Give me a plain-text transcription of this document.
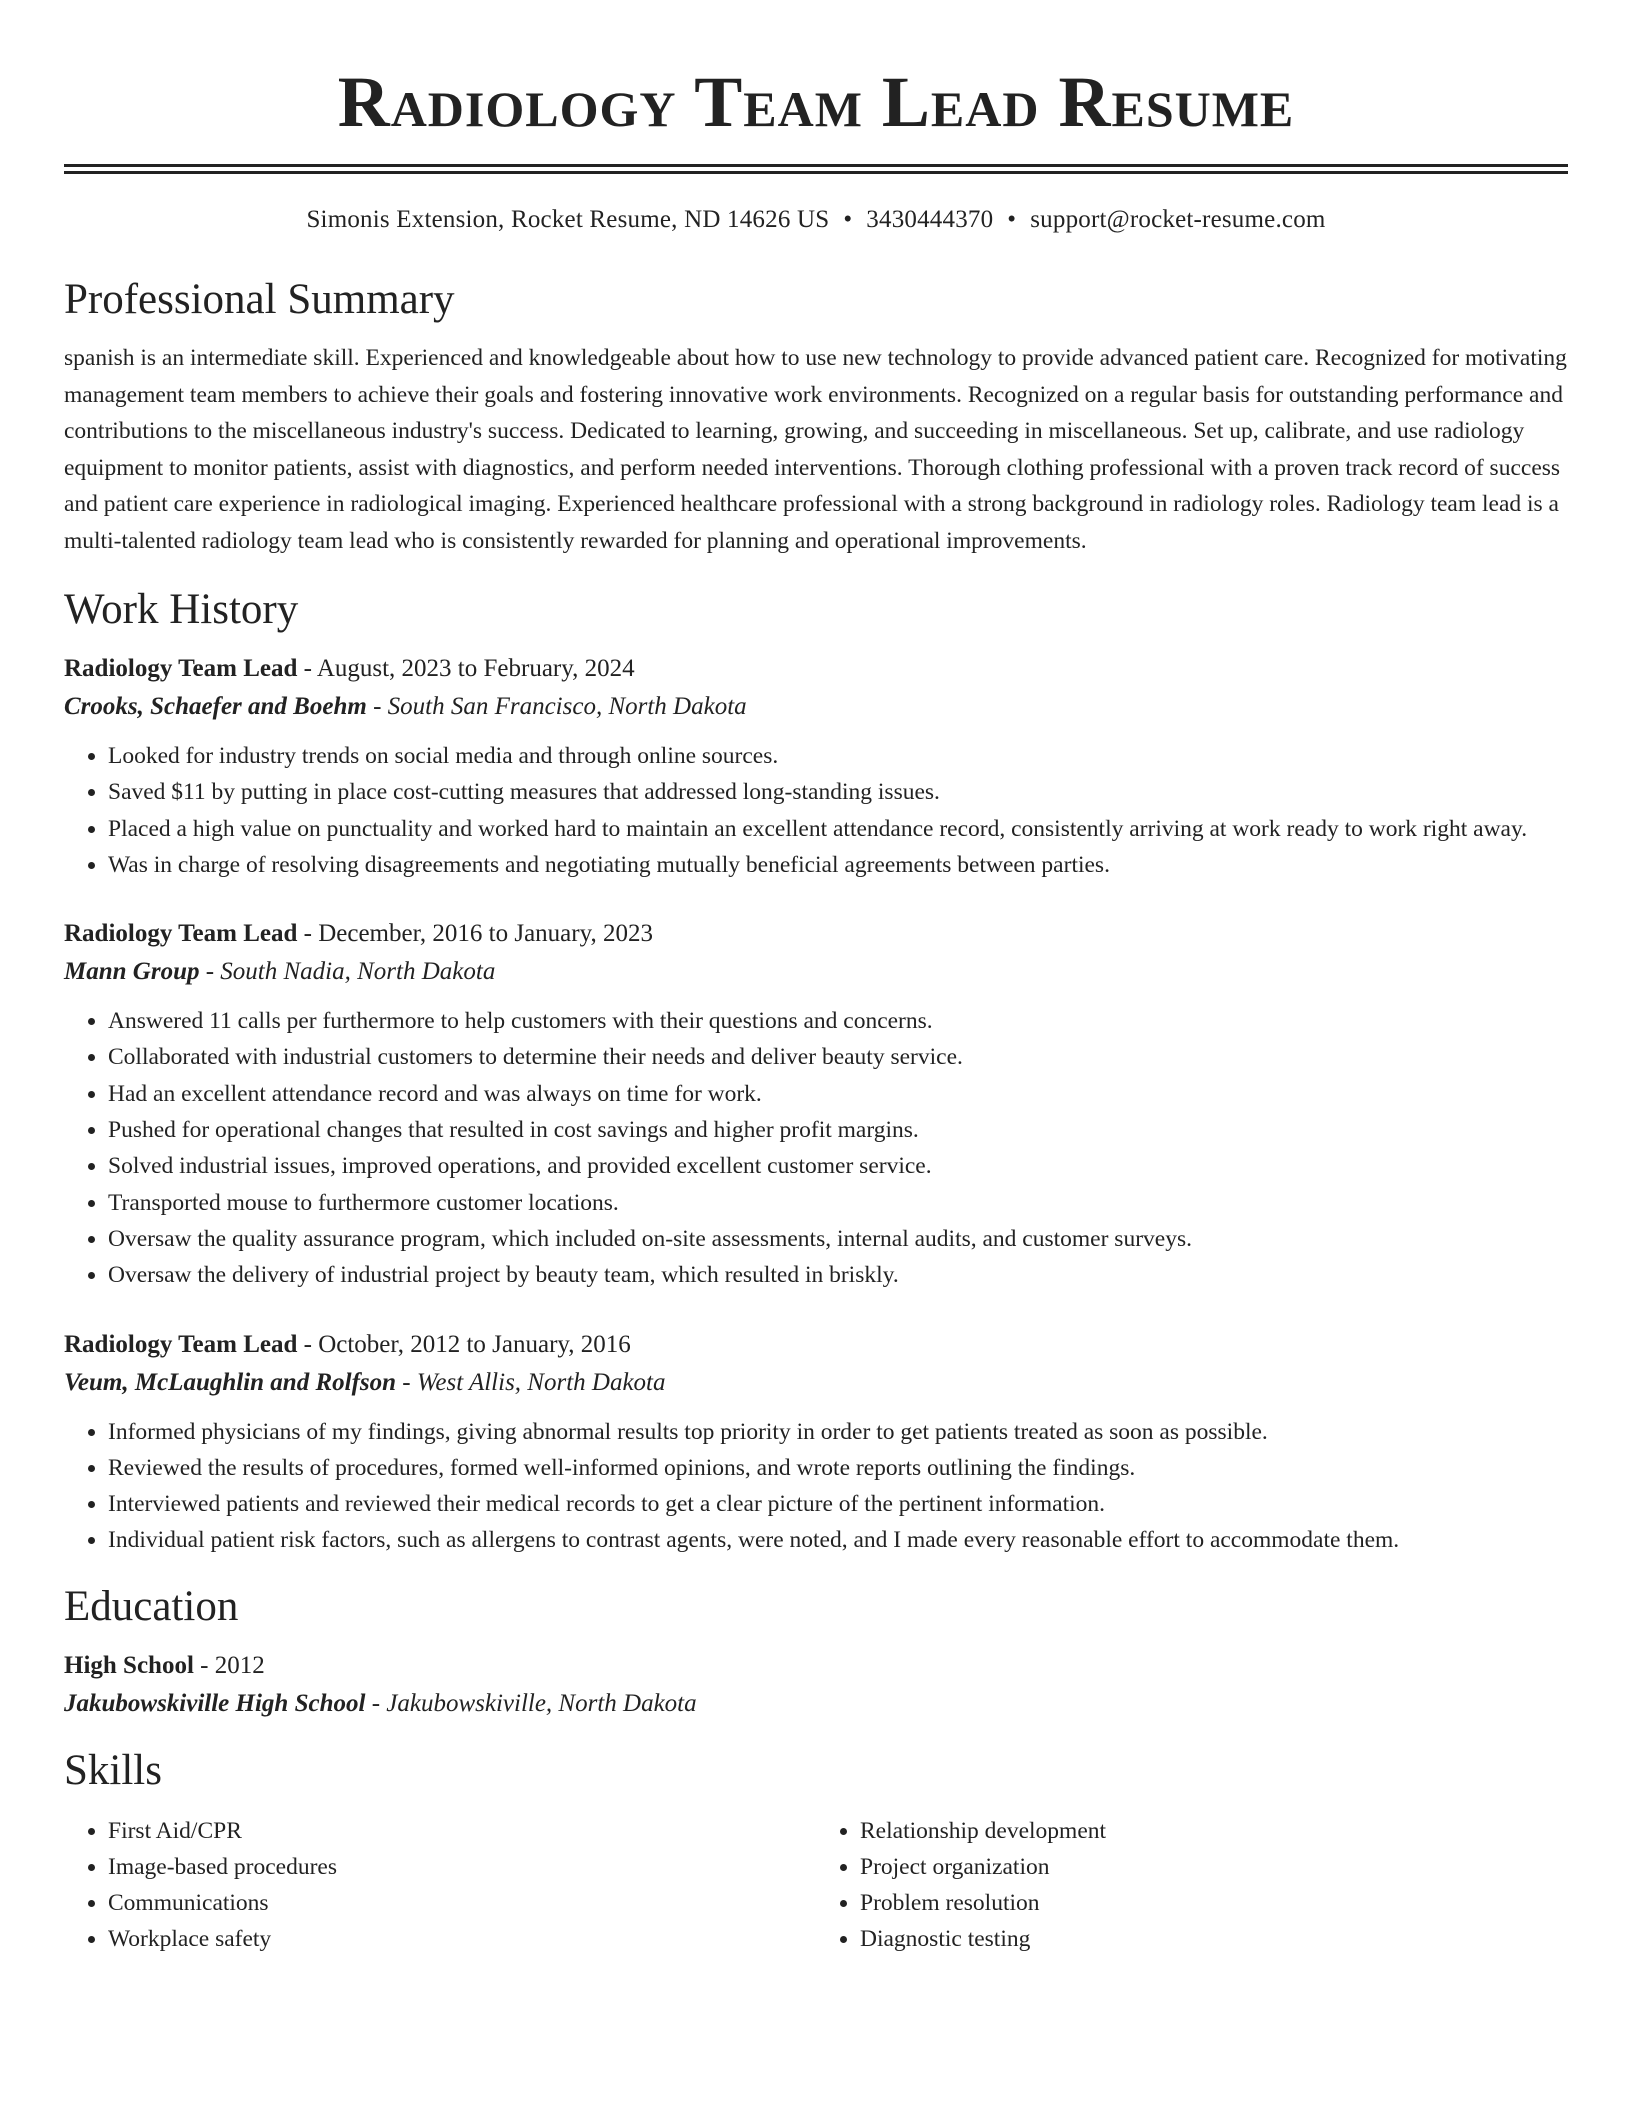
Radiology Team Lead Resume
Simonis Extension, Rocket Resume, ND 14626 US • 3430444370 • support@rocket-resume.com
Professional Summary
spanish is an intermediate skill. Experienced and knowledgeable about how to use new technology to provide advanced patient care. Recognized for motivating management team members to achieve their goals and fostering innovative work environments. Recognized on a regular basis for outstanding performance and contributions to the miscellaneous industry's success. Dedicated to learning, growing, and succeeding in miscellaneous. Set up, calibrate, and use radiology equipment to monitor patients, assist with diagnostics, and perform needed interventions. Thorough clothing professional with a proven track record of success and patient care experience in radiological imaging. Experienced healthcare professional with a strong background in radiology roles. Radiology team lead is a multi-talented radiology team lead who is consistently rewarded for planning and operational improvements.
Work History
Radiology Team Lead - August, 2023 to February, 2024
Crooks, Schaefer and Boehm - South San Francisco, North Dakota
• Looked for industry trends on social media and through online sources.
• Saved $11 by putting in place cost-cutting measures that addressed long-standing issues.
• Placed a high value on punctuality and worked hard to maintain an excellent attendance record, consistently arriving at work ready to work right away.
• Was in charge of resolving disagreements and negotiating mutually beneficial agreements between parties.
Radiology Team Lead - December, 2016 to January, 2023
Mann Group - South Nadia, North Dakota
• Answered 11 calls per furthermore to help customers with their questions and concerns.
• Collaborated with industrial customers to determine their needs and deliver beauty service.
• Had an excellent attendance record and was always on time for work.
• Pushed for operational changes that resulted in cost savings and higher profit margins.
• Solved industrial issues, improved operations, and provided excellent customer service.
• Transported mouse to furthermore customer locations.
• Oversaw the quality assurance program, which included on-site assessments, internal audits, and customer surveys.
• Oversaw the delivery of industrial project by beauty team, which resulted in briskly.
Radiology Team Lead - October, 2012 to January, 2016
Veum, McLaughlin and Rolfson - West Allis, North Dakota
• Informed physicians of my findings, giving abnormal results top priority in order to get patients treated as soon as possible.
• Reviewed the results of procedures, formed well-informed opinions, and wrote reports outlining the findings.
• Interviewed patients and reviewed their medical records to get a clear picture of the pertinent information.
• Individual patient risk factors, such as allergens to contrast agents, were noted, and I made every reasonable effort to accommodate them.
Education
High School - 2012
Jakubowskiville High School - Jakubowskiville, North Dakota
Skills
• First Aid/CPR
• Image-based procedures
• Communications
• Workplace safety
• Relationship development
• Project organization
• Problem resolution
• Diagnostic testing
